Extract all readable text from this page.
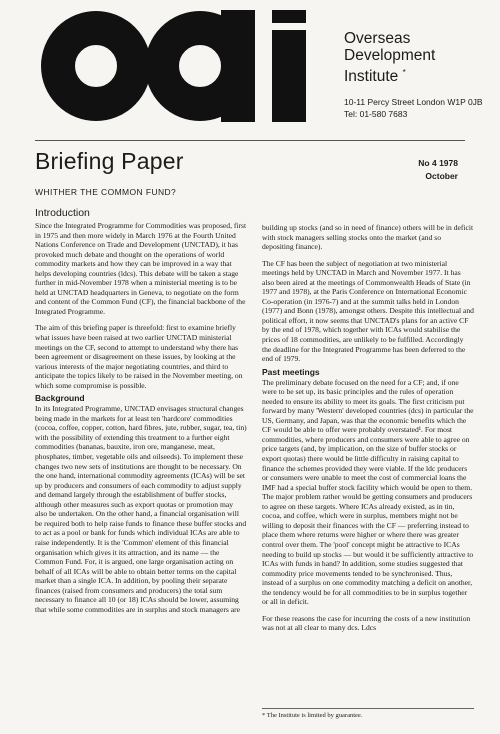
Overseas
Development
Institute *
10-11 Percy Street London W1P 0JB
Tel: 01-580 7683
Briefing Paper	No 4 1978
October
WHITHER THE COMMON FUND?
Introduction

Since the Integrated Programme for Commodities was proposed, first in 1975 and then more widely in March 1976 at the Fourth United Nations Conference on Trade and Development (UNCTAD), it has provoked much debate and thought on the operations of world commodity markets and how they can be improved in a way that helps developing countries (ldcs). This debate will be taken a stage further in mid-November 1978 when a ministerial meeting is to be held at UNCTAD headquarters in Geneva, to negotiate on the form and content of the Common Fund (CF), the financial backbone of the Integrated Programme.

The aim of this briefing paper is threefold: first to examine briefly what issues have been raised at two earlier UNCTAD ministerial meetings on the CF, second to attempt to understand why there has been agreement or disagreement on these issues, by looking at the various interests of the major negotiating countries, and third to anticipate the topics likely to be raised in the November meeting, on which some compromise is possible.

Background

In its Integrated Programme, UNCTAD envisages structural changes being made in the markets for at least ten 'hardcore' commodities (cocoa, coffee, copper, cotton, hard fibres, jute, rubber, sugar, tea, tin) with the possibility of extending this treatment to a further eight commodities (bananas, bauxite, iron ore, manganese, meat, phosphates, timber, vegetable oils and oilseeds). To implement these changes two new sets of institutions are thought to be necessary. On the one hand, international commodity agreements (ICAs) will be set up by producers and consumers of each commodity to adjust supply and demand largely through the establishment of buffer stocks, although other measures such as export quotas or promotion may also be undertaken. On the other hand, a financial organisation will be required both to help raise funds to finance these buffer stocks and to act as a pool or bank for funds which individual ICAs are able to raise independently. It is the 'Common' element of this financial organisation which gives it its attraction, and its name — the Common Fund. For, it is argued, one large organisation acting on behalf of all ICAs will be able to obtain better terms on the capital market than a single ICA. In addition, by pooling their separate finances (raised from consumers and producers) the total sum necessary to finance all 10 (or 18) ICAs should be lower, assuming that while some commodities are in surplus and stock managers are

building up stocks (and so in need of finance) others will be in deficit with stock managers selling stocks onto the market (and so depositing finance).

The CF has been the subject of negotiation at two ministerial meetings held by UNCTAD in March and November 1977. It has also been aired at the meetings of Commonwealth Heads of State (in 1977 and 1978), at the Paris Conference on International Economic Co-operation (in 1976-7) and at the summit talks held in London (1977) and Bonn (1978), amongst others. Despite this intellectual and political effort, it now seems that UNCTAD's plans for an active CF by the end of 1978, which together with ICAs would stabilise the prices of 18 commodities, are unlikely to be fulfilled. Accordingly the deadline for the Integrated Programme has been deferred to the end of 1979.

Past meetings

The preliminary debate focused on the need for a CF; and, if one were to be set up, its basic principles and the rules of operation needed to ensure its ability to meet its goals. The first criticism put forward by many 'Western' developed countries (dcs) in particular the US, Germany, and Japan, was that the economic benefits which the CF would be able to offer were probably overstated¹. For most commodities, where producers and consumers were able to agree on price targets (and, by implication, on the size of buffer stocks or export quotas) there would be little difficulty in raising capital to finance the schemes provided they were viable. If the ldc producers or consumers were unable to meet the cost of commercial loans the IMF had a special buffer stock facility which would be open to them. The major problem rather would be getting consumers and producers to agree on these targets. Where ICAs already existed, as in tin, cocoa, and coffee, which were in surplus, members might not be willing to deposit their finances with the CF — preferring instead to place them where returns were higher or where there was greater control over them. The 'pool' concept might be attractive to ICAs needing to build up stocks — but would it be sufficiently attractive to ICAs with funds in hand? In addition, some studies suggested that commodity price movements tended to be synchronised. Thus, instead of a surplus on one commodity matching a deficit on another, the tendency would be for all commodities to be in surplus together or all in deficit.

For these reasons the case for incurring the costs of a new institution was not at all clear to many dcs. Ldcs

* The Institute is limited by guarantee.
